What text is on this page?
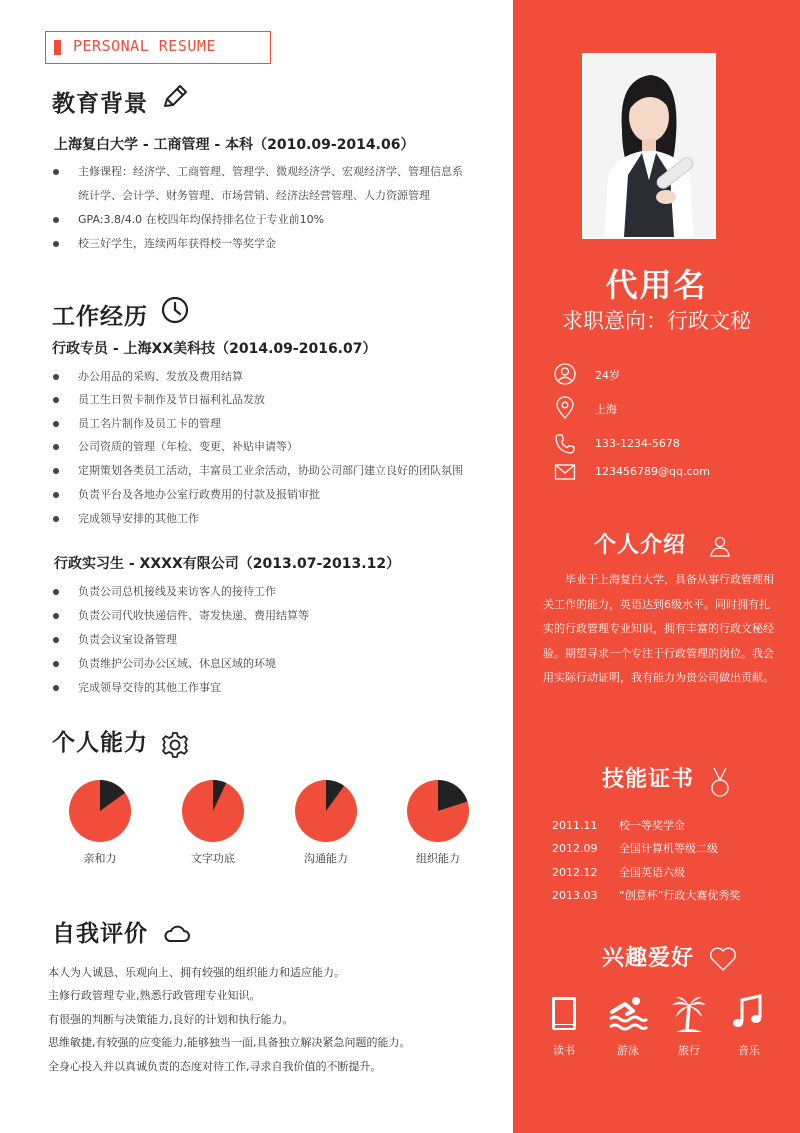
PERSONAL RESUME
教育背景
上海复白大学 - 工商管理 - 本科（2010.09-2014.06）
主修课程：经济学、工商管理、管理学、微观经济学、宏观经济学、管理信息系
统计学、会计学、财务管理、市场营销、经济法经营管理、人力资源管理
GPA:3.8/4.0 在校四年均保持排名位于专业前10%
校三好学生，连续两年获得校一等奖学金
工作经历
行政专员 - 上海XX美科技（2014.09-2016.07）
办公用品的采购、发放及费用结算
员工生日贺卡制作及节日福利礼品发放
员工名片制作及员工卡的管理
公司资质的管理（年检、变更、补贴申请等）
定期策划各类员工活动，丰富员工业余活动，协助公司部门建立良好的团队氛围
负责平台及各地办公室行政费用的付款及报销审批
完成领导安排的其他工作
行政实习生 - XXXX有限公司（2013.07-2013.12）
负责公司总机接线及来访客人的接待工作
负责公司代收快递信件、寄发快递、费用结算等
负责会议室设备管理
负责维护公司办公区域、休息区域的环境
完成领导交待的其他工作事宜
个人能力
亲和力	文字功底	沟通能力	组织能力
自我评价
本人为人诚恳、乐观向上、拥有较强的组织能力和适应能力。
主修行政管理专业,熟悉行政管理专业知识。
有很强的判断与决策能力,良好的计划和执行能力。
思维敏捷,有较强的应变能力,能够独当一面,具备独立解决紧急问题的能力。
全身心投入并以真诚负责的态度对待工作,寻求自我价值的不断提升。
代用名
求职意向：行政文秘
24岁
上海
133-1234-5678
123456789@qq.com
个人介绍
毕业于上海复白大学，具备从事行政管理相关工作的能力，英语达到6级水平。同时拥有扎实的行政管理专业知识，拥有丰富的行政文秘经验。期望寻求一个专注于行政管理的岗位。我会用实际行动证明，我有能力为贵公司做出贡献。
技能证书
2011.11 校一等奖学金
2012.09 全国计算机等级二级
2012.12 全国英语六级
2013.03 “创意杯”行政大赛优秀奖
兴趣爱好
读书	游泳	旅行	音乐
